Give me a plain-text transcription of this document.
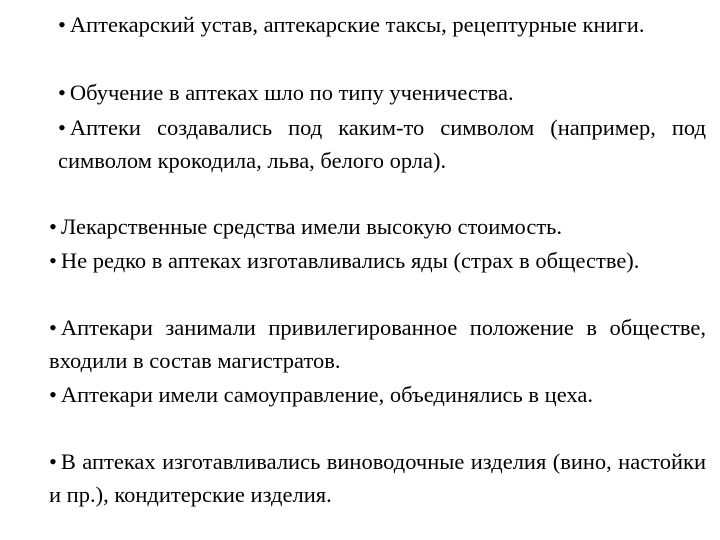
• Аптекарский устав, аптекарские таксы, рецептурные книги.
• Обучение в аптеках шло по типу ученичества.
• Аптеки создавались под каким-то символом (например, под символом крокодила, льва, белого орла).
• Лекарственные средства имели высокую стоимость.
• Не редко в аптеках изготавливались яды (страх в обществе).
• Аптекари занимали привилегированное положение в обществе, входили в состав магистратов.
• Аптекари имели самоуправление, объединялись в цеха.
• В аптеках изготавливались виноводочные изделия (вино, настойки и пр.), кондитерские изделия.
